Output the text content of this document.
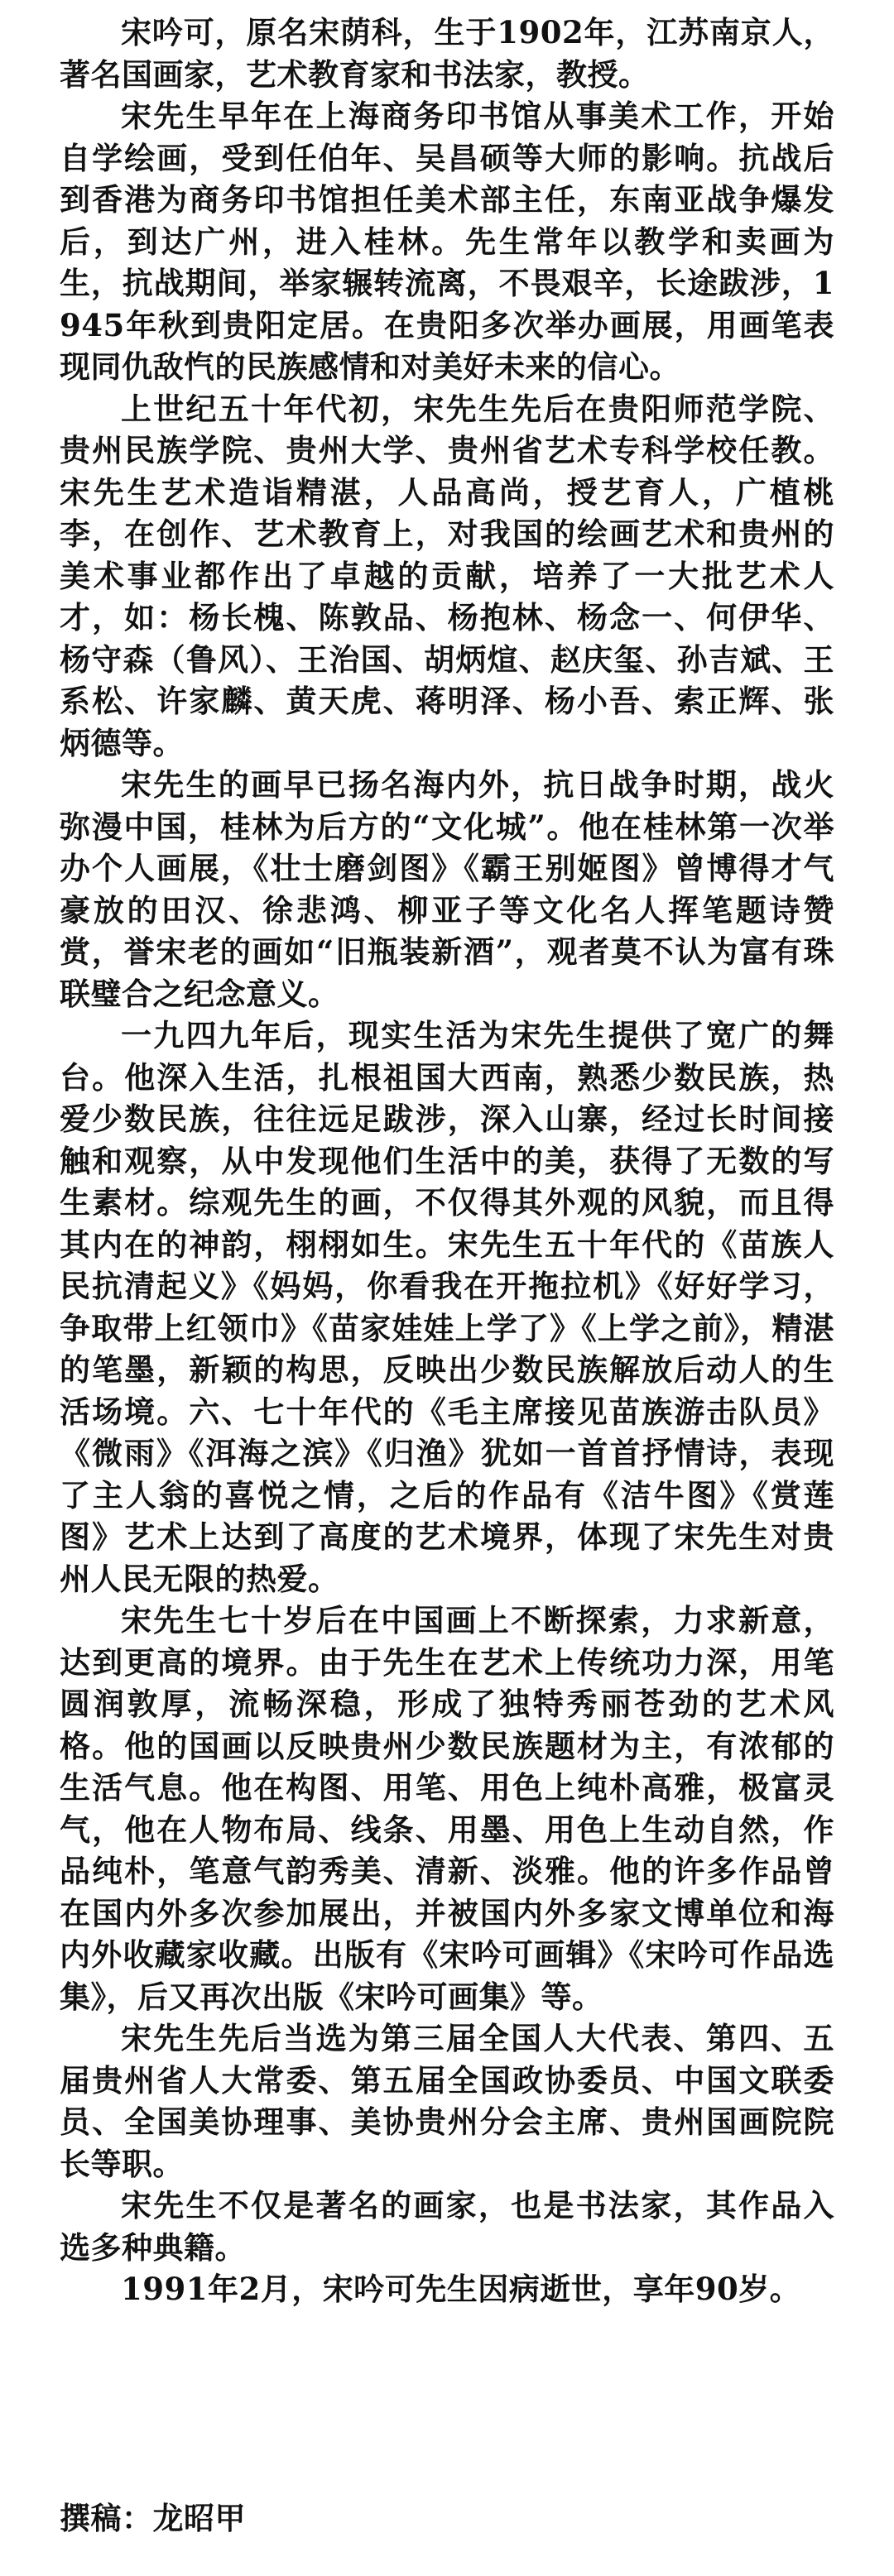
宋吟可，原名宋荫科，生于1902年，江苏南京人，著名国画家，艺术教育家和书法家，教授。

宋先生早年在上海商务印书馆从事美术工作，开始自学绘画，受到任伯年、吴昌硕等大师的影响。抗战后到香港为商务印书馆担任美术部主任，东南亚战争爆发后，到达广州，进入桂林。先生常年以教学和卖画为生，抗战期间，举家辗转流离，不畏艰辛，长途跋涉，1945年秋到贵阳定居。在贵阳多次举办画展，用画笔表现同仇敌忾的民族感情和对美好未来的信心。

上世纪五十年代初，宋先生先后在贵阳师范学院、贵州民族学院、贵州大学、贵州省艺术专科学校任教。宋先生艺术造诣精湛，人品高尚，授艺育人，广植桃李，在创作、艺术教育上，对我国的绘画艺术和贵州的美术事业都作出了卓越的贡献，培养了一大批艺术人才，如：杨长槐、陈敦品、杨抱林、杨念一、何伊华、杨守森（鲁风）、王治国、胡炳煊、赵庆玺、孙吉斌、王系松、许家麟、黄天虎、蒋明泽、杨小吾、索正辉、张炳德等。

宋先生的画早已扬名海内外，抗日战争时期，战火弥漫中国，桂林为后方的“文化城”。他在桂林第一次举办个人画展，《壮士磨剑图》《霸王别姬图》曾博得才气豪放的田汉、徐悲鸿、柳亚子等文化名人挥笔题诗赞赏，誉宋老的画如“旧瓶装新酒”，观者莫不认为富有珠联璧合之纪念意义。

一九四九年后，现实生活为宋先生提供了宽广的舞台。他深入生活，扎根祖国大西南，熟悉少数民族，热爱少数民族，往往远足跋涉，深入山寨，经过长时间接触和观察，从中发现他们生活中的美，获得了无数的写生素材。综观先生的画，不仅得其外观的风貌，而且得其内在的神韵，栩栩如生。宋先生五十年代的《苗族人民抗清起义》《妈妈，你看我在开拖拉机》《好好学习，争取带上红领巾》《苗家娃娃上学了》《上学之前》，精湛的笔墨，新颖的构思，反映出少数民族解放后动人的生活场境。六、七十年代的《毛主席接见苗族游击队员》《微雨》《洱海之滨》《归渔》犹如一首首抒情诗，表现了主人翁的喜悦之情，之后的作品有《洁牛图》《赏莲图》艺术上达到了高度的艺术境界，体现了宋先生对贵州人民无限的热爱。

宋先生七十岁后在中国画上不断探索，力求新意，达到更高的境界。由于先生在艺术上传统功力深，用笔圆润敦厚，流畅深稳，形成了独特秀丽苍劲的艺术风格。他的国画以反映贵州少数民族题材为主，有浓郁的生活气息。他在构图、用笔、用色上纯朴高雅，极富灵气，他在人物布局、线条、用墨、用色上生动自然，作品纯朴，笔意气韵秀美、清新、淡雅。他的许多作品曾在国内外多次参加展出，并被国内外多家文博单位和海内外收藏家收藏。出版有《宋吟可画辑》《宋吟可作品选集》，后又再次出版《宋吟可画集》等。

宋先生先后当选为第三届全国人大代表、第四、五届贵州省人大常委、第五届全国政协委员、中国文联委员、全国美协理事、美协贵州分会主席、贵州国画院院长等职。

宋先生不仅是著名的画家，也是书法家，其作品入选多种典籍。

1991年2月，宋吟可先生因病逝世，享年90岁。

撰稿：龙昭甲
